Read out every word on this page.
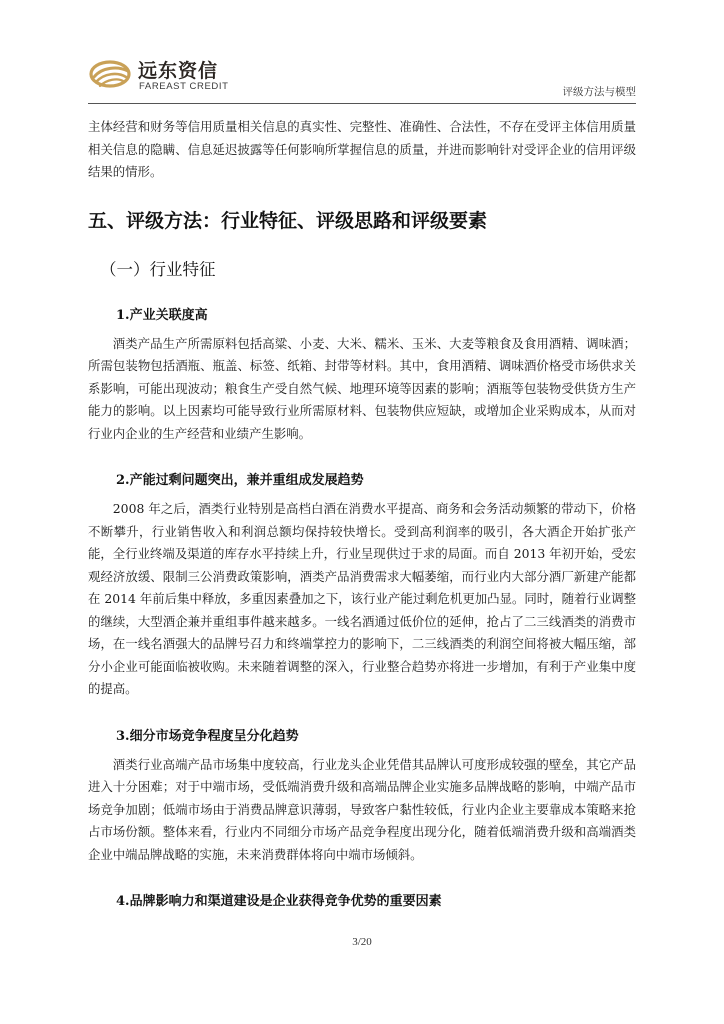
远东资信
FAREAST CREDIT	评级方法与模型

主体经营和财务等信用质量相关信息的真实性、完整性、准确性、合法性，不存在受评主体信用质量相关信息的隐瞒、信息延迟披露等任何影响所掌握信息的质量，并进而影响针对受评企业的信用评级结果的情形。

五、评级方法：行业特征、评级思路和评级要素
（一）行业特征
1.产业关联度高

酒类产品生产所需原料包括高粱、小麦、大米、糯米、玉米、大麦等粮食及食用酒精、调味酒；所需包装物包括酒瓶、瓶盖、标签、纸箱、封带等材料。其中，食用酒精、调味酒价格受市场供求关系影响，可能出现波动；粮食生产受自然气候、地理环境等因素的影响；酒瓶等包装物受供货方生产能力的影响。以上因素均可能导致行业所需原材料、包装物供应短缺，或增加企业采购成本，从而对行业内企业的生产经营和业绩产生影响。

2.产能过剩问题突出，兼并重组成发展趋势

2008 年之后，酒类行业特别是高档白酒在消费水平提高、商务和会务活动频繁的带动下，价格不断攀升，行业销售收入和利润总额均保持较快增长。受到高利润率的吸引，各大酒企开始扩张产能，全行业终端及渠道的库存水平持续上升，行业呈现供过于求的局面。而自 2013 年初开始，受宏观经济放缓、限制三公消费政策影响，酒类产品消费需求大幅萎缩，而行业内大部分酒厂新建产能都在 2014 年前后集中释放，多重因素叠加之下，该行业产能过剩危机更加凸显。同时，随着行业调整的继续，大型酒企兼并重组事件越来越多。一线名酒通过低价位的延伸，抢占了二三线酒类的消费市场，在一线名酒强大的品牌号召力和终端掌控力的影响下，二三线酒类的利润空间将被大幅压缩，部分小企业可能面临被收购。未来随着调整的深入，行业整合趋势亦将进一步增加，有利于产业集中度的提高。

3.细分市场竞争程度呈分化趋势

酒类行业高端产品市场集中度较高，行业龙头企业凭借其品牌认可度形成较强的壁垒，其它产品进入十分困难；对于中端市场，受低端消费升级和高端品牌企业实施多品牌战略的影响，中端产品市场竞争加剧；低端市场由于消费品牌意识薄弱，导致客户黏性较低，行业内企业主要靠成本策略来抢占市场份额。整体来看，行业内不同细分市场产品竞争程度出现分化，随着低端消费升级和高端酒类企业中端品牌战略的实施，未来消费群体将向中端市场倾斜。

4.品牌影响力和渠道建设是企业获得竞争优势的重要因素
3/20
